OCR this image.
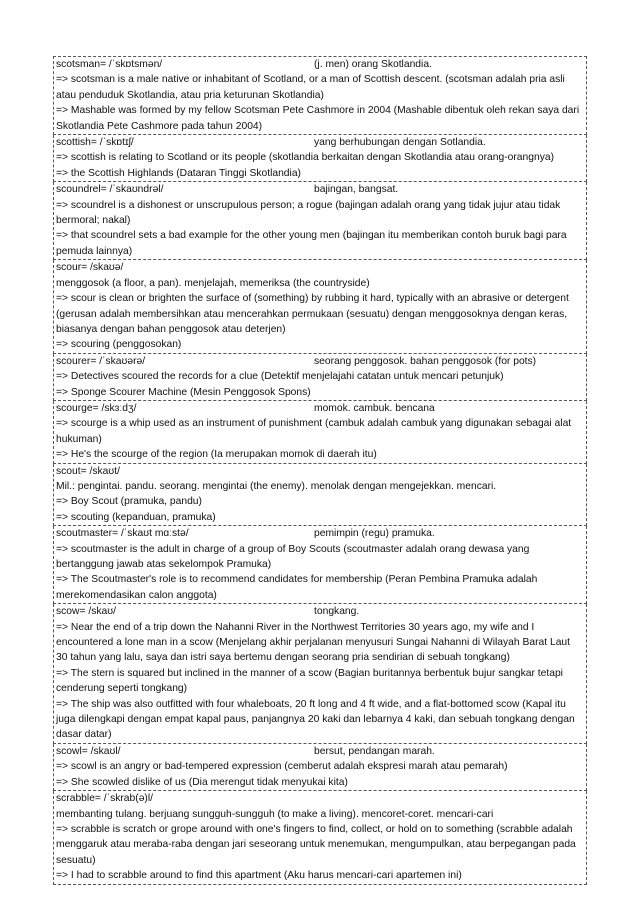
scotsman= /ˈskɒtsmən/	(j. men) orang Skotlandia.
=> scotsman is a male native or inhabitant of Scotland, or a man of Scottish descent. (scotsman adalah pria asli atau penduduk Skotlandia, atau pria keturunan Skotlandia)
=> Mashable was formed by my fellow Scotsman Pete Cashmore in 2004 (Mashable dibentuk oleh rekan saya dari Skotlandia Pete Cashmore pada tahun 2004)
scottish= /ˈskɒtɪʃ/	yang berhubungan dengan Sotlandia.
=> scottish is relating to Scotland or its people (skotlandia berkaitan dengan Skotlandia atau orang-orangnya)
=> the Scottish Highlands (Dataran Tinggi Skotlandia)
scoundrel= /ˈskaʊndrəl/	bajingan, bangsat.
=> scoundrel is a dishonest or unscrupulous person; a rogue (bajingan adalah orang yang tidak jujur atau tidak bermoral; nakal)
=> that scoundrel sets a bad example for the other young men (bajingan itu memberikan contoh buruk bagi para pemuda lainnya)
scour= /skaʊə/
menggosok (a floor, a pan). menjelajah, memeriksa (the countryside)
=> scour is clean or brighten the surface of (something) by rubbing it hard, typically with an abrasive or detergent (gerusan adalah membersihkan atau mencerahkan permukaan (sesuatu) dengan menggosoknya dengan keras, biasanya dengan bahan penggosok atau deterjen)
=> scouring (penggosokan)
scourer= /ˈskaʊərə/	seorang penggosok. bahan penggosok (for pots)
=> Detectives scoured the records for a clue (Detektif menjelajahi catatan untuk mencari petunjuk)
=> Sponge Scourer Machine (Mesin Penggosok Spons)
scourge= /skɜːdʒ/	momok. cambuk. bencana
=> scourge is a whip used as an instrument of punishment (cambuk adalah cambuk yang digunakan sebagai alat hukuman)
=> He's the scourge of the region (Ia merupakan momok di daerah itu)
scout= /skaʊt/
Mil.: pengintai. pandu. seorang. mengintai (the enemy). menolak dengan mengejekkan. mencari.
=> Boy Scout (pramuka, pandu)
=> scouting (kepanduan, pramuka)
scoutmaster= /ˈskaʊt mɑːstə/	pemimpin (regu) pramuka.
=> scoutmaster is the adult in charge of a group of Boy Scouts (scoutmaster adalah orang dewasa yang bertanggung jawab atas sekelompok Pramuka)
=> The Scoutmaster's role is to recommend candidates for membership (Peran Pembina Pramuka adalah merekomendasikan calon anggota)
scow= /skaʊ/	tongkang.
=> Near the end of a trip down the Nahanni River in the Northwest Territories 30 years ago, my wife and I encountered a lone man in a scow (Menjelang akhir perjalanan menyusuri Sungai Nahanni di Wilayah Barat Laut 30 tahun yang lalu, saya dan istri saya bertemu dengan seorang pria sendirian di sebuah tongkang)
=> The stern is squared but inclined in the manner of a scow (Bagian buritannya berbentuk bujur sangkar tetapi cenderung seperti tongkang)
=> The ship was also outfitted with four whaleboats, 20 ft long and 4 ft wide, and a flat-bottomed scow (Kapal itu juga dilengkapi dengan empat kapal paus, panjangnya 20 kaki dan lebarnya 4 kaki, dan sebuah tongkang dengan dasar datar)
scowl= /skaʊl/	bersut, pendangan marah.
=> scowl is an angry or bad-tempered expression (cemberut adalah ekspresi marah atau pemarah)
=> She scowled dislike of us (Dia merengut tidak menyukai kita)
scrabble= /ˈskrab(ə)l/
membanting tulang. berjuang sungguh-sungguh (to make a living). mencoret-coret. mencari-cari
=> scrabble is scratch or grope around with one's fingers to find, collect, or hold on to something (scrabble adalah menggaruk atau meraba-raba dengan jari seseorang untuk menemukan, mengumpulkan, atau berpegangan pada sesuatu)
=> I had to scrabble around to find this apartment (Aku harus mencari-cari apartemen ini)
